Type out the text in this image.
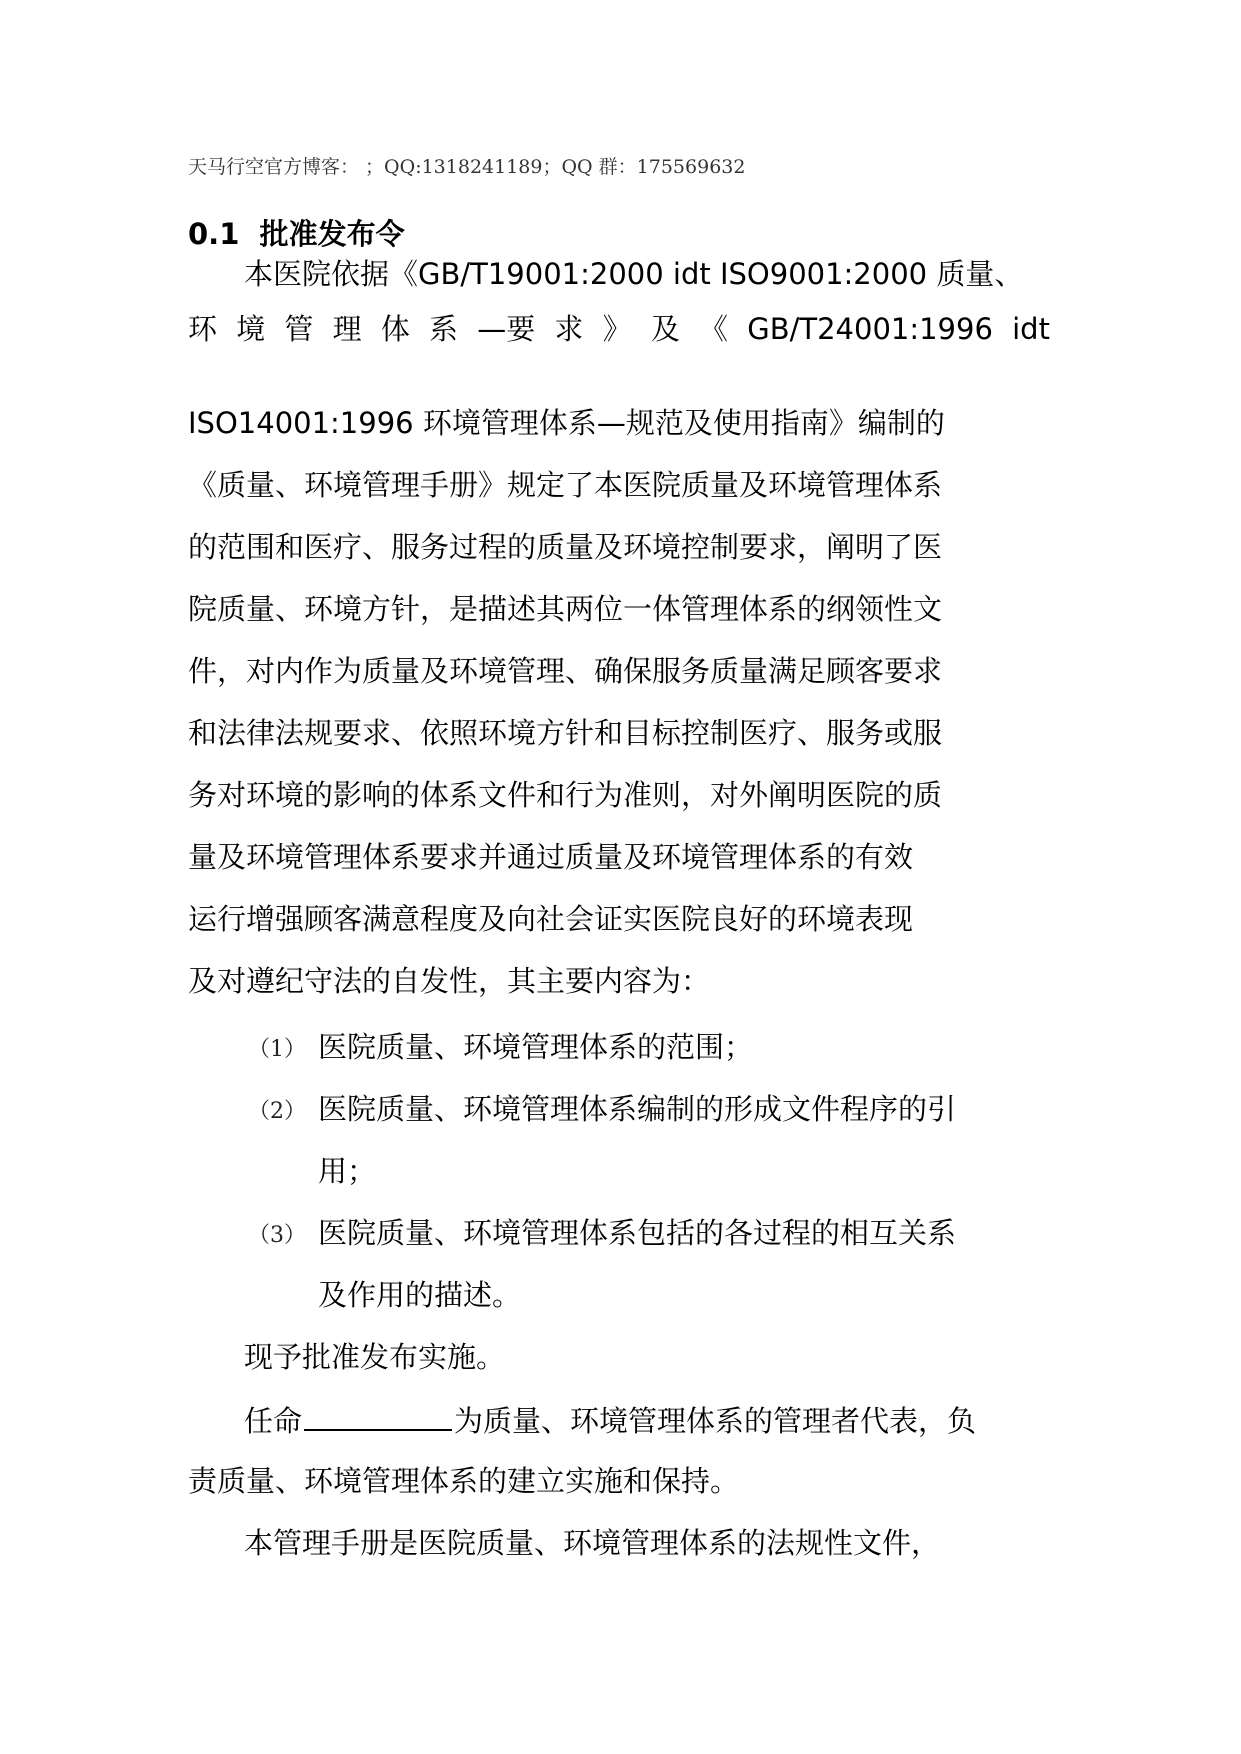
天马行空官方博客： ；QQ:1318241189；QQ 群：175569632
0.1 批准发布令
本医院依据《GB/T19001:2000 idt ISO9001:2000 质量、
环 境 管 理 体 系 —要 求 》 及 《 GB/T24001:1996 idt
ISO14001:1996 环境管理体系—规范及使用指南》编制的
《质量、环境管理手册》规定了本医院质量及环境管理体系
的范围和医疗、服务过程的质量及环境控制要求，阐明了医
院质量、环境方针，是描述其两位一体管理体系的纲领性文
件，对内作为质量及环境管理、确保服务质量满足顾客要求
和法律法规要求、依照环境方针和目标控制医疗、服务或服
务对环境的影响的体系文件和行为准则，对外阐明医院的质
量及环境管理体系要求并通过质量及环境管理体系的有效
运行增强顾客满意程度及向社会证实医院良好的环境表现
及对遵纪守法的自发性，其主要内容为：
（1） 医院质量、环境管理体系的范围；
（2） 医院质量、环境管理体系编制的形成文件程序的引
用；
（3） 医院质量、环境管理体系包括的各过程的相互关系
及作用的描述。
现予批准发布实施。
任命	为质量、环境管理体系的管理者代表，负
责质量、环境管理体系的建立实施和保持。
本管理手册是医院质量、环境管理体系的法规性文件，
